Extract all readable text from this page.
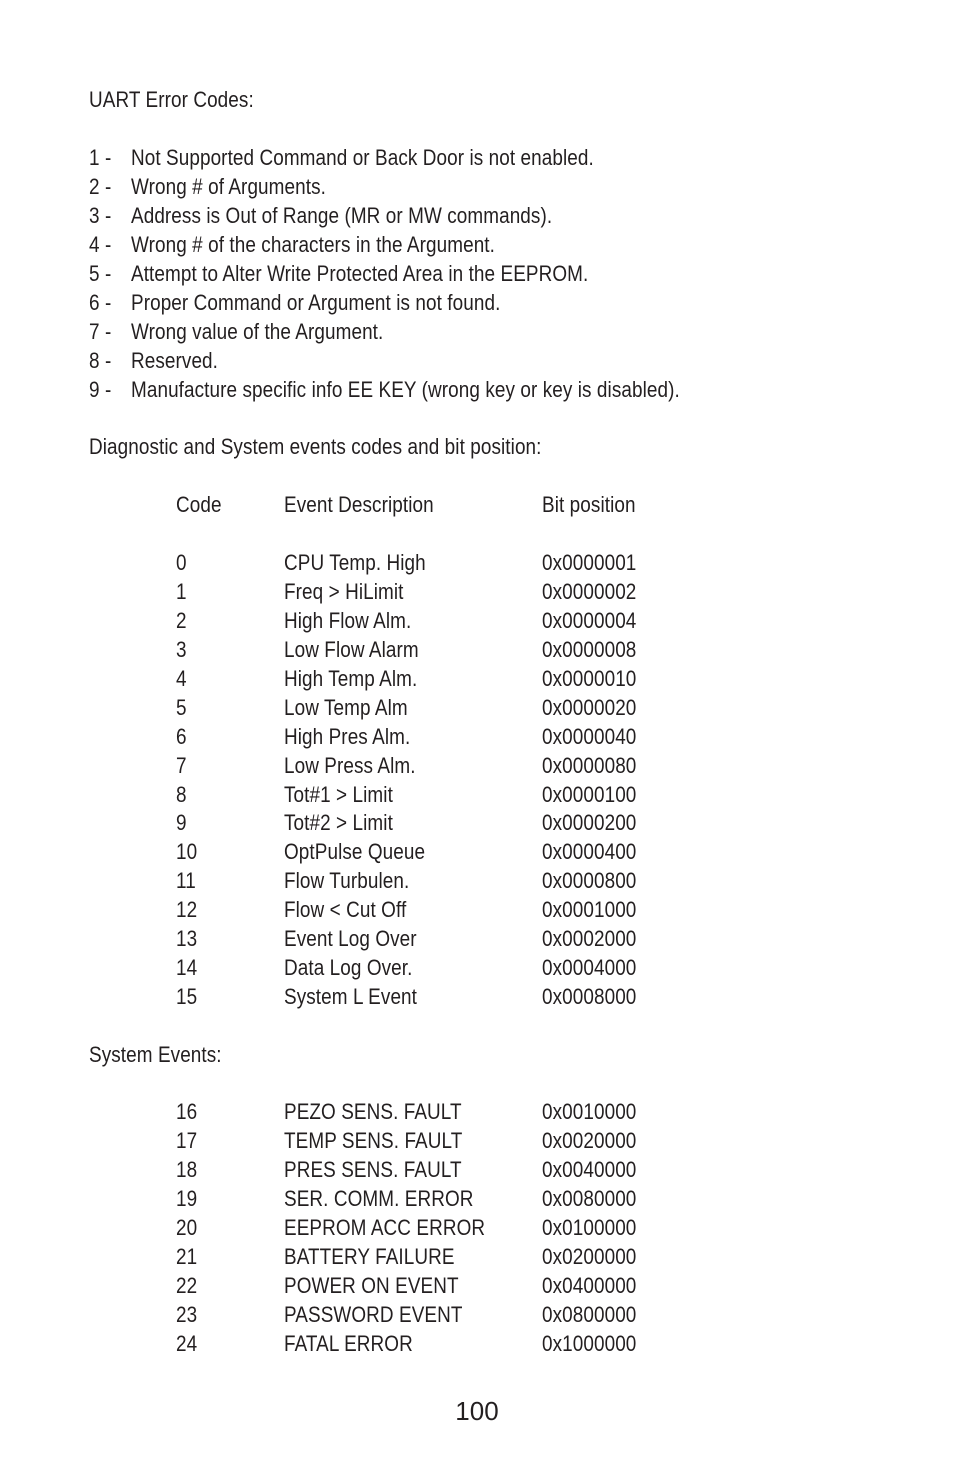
UART Error Codes:
1 - Not Supported Command or Back Door is not enabled.
2 - Wrong # of Arguments.
3 - Address is Out of Range (MR or MW commands).
4 - Wrong # of the characters in the Argument.
5 - Attempt to Alter Write Protected Area in the EEPROM.
6 - Proper Command or Argument is not found.
7 - Wrong value of the Argument.
8 - Reserved.
9 - Manufacture specific info EE KEY (wrong key or key is disabled).
Diagnostic and System events codes and bit position:
Code	Event Description	Bit position
0	CPU Temp. High	0x0000001
1	Freq > HiLimit	0x0000002
2	High Flow Alm.	0x0000004
3	Low Flow Alarm	0x0000008
4	High Temp Alm.	0x0000010
5	Low Temp Alm	0x0000020
6	High Pres Alm.	0x0000040
7	Low Press Alm.	0x0000080
8	Tot#1 > Limit	0x0000100
9	Tot#2 > Limit	0x0000200
10	OptPulse Queue	0x0000400
11	Flow Turbulen.	0x0000800
12	Flow < Cut Off	0x0001000
13	Event Log Over	0x0002000
14	Data Log Over.	0x0004000
15	System L Event	0x0008000
System Events:
16	PEZO SENS. FAULT	0x0010000
17	TEMP SENS. FAULT	0x0020000
18	PRES SENS. FAULT	0x0040000
19	SER. COMM. ERROR	0x0080000
20	EEPROM ACC ERROR	0x0100000
21	BATTERY FAILURE	0x0200000
22	POWER ON EVENT	0x0400000
23	PASSWORD EVENT	0x0800000
24	FATAL ERROR	0x1000000
100
